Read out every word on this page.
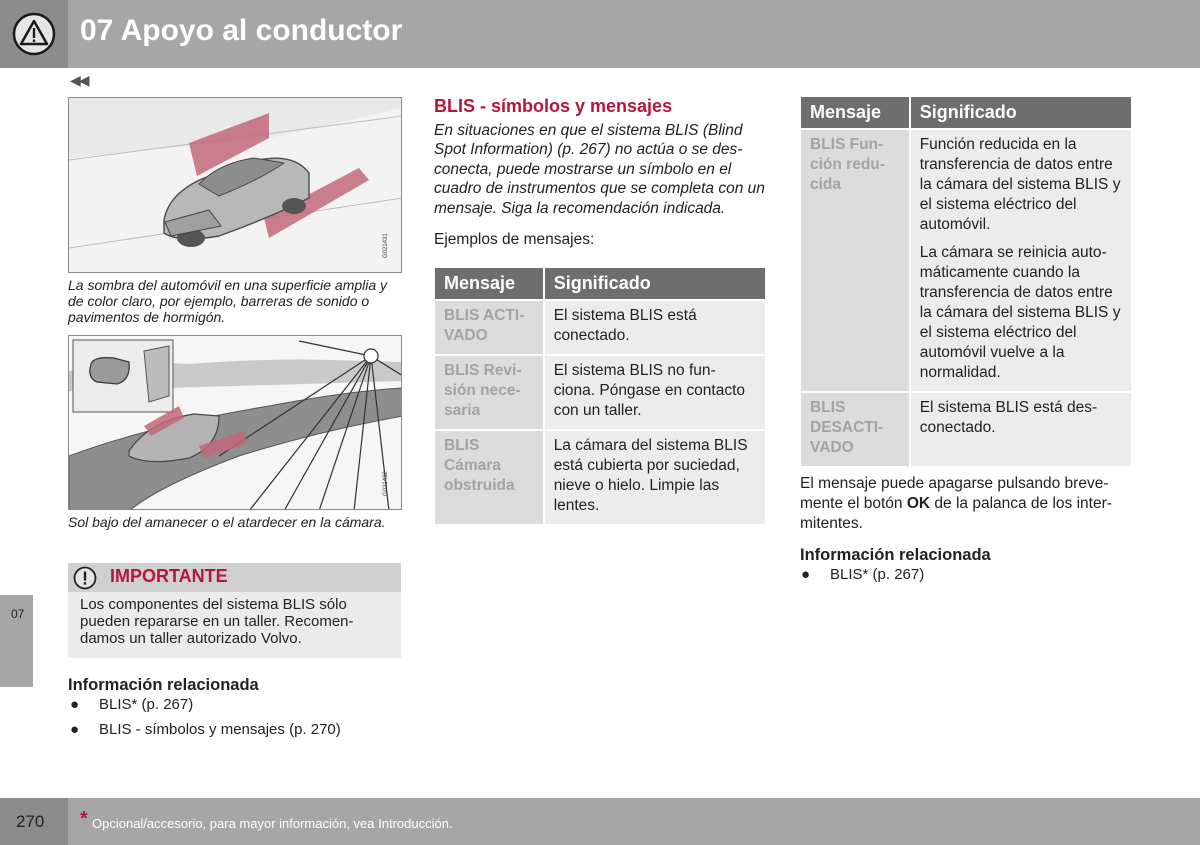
07 Apoyo al conductor
◀◀
G021431
La sombra del automóvil en una superficie amplia y de color claro, por ejemplo, barreras de sonido o pavimentos de hormigón.
G021432
Sol bajo del amanecer o el atardecer en la cámara.
IMPORTANTE
Los componentes del sistema BLIS sólo pueden repararse en un taller. Recomen-damos un taller autorizado Volvo.
07
Información relacionada
● BLIS* (p. 267)
● BLIS - símbolos y mensajes (p. 270)
BLIS - símbolos y mensajes
En situaciones en que el sistema BLIS (Blind Spot Information) (p. 267) no actúa o se des-conecta, puede mostrarse un símbolo en el cuadro de instrumentos que se completa con un mensaje. Siga la recomendación indicada.
Ejemplos de mensajes:
Mensaje	Significado
BLIS ACTI-VADO	El sistema BLIS está conectado.
BLIS Revi-sión nece-saria	El sistema BLIS no fun-ciona. Póngase en contacto con un taller.
BLIS Cámara obstruida	La cámara del sistema BLIS está cubierta por suciedad, nieve o hielo. Limpie las lentes.
Mensaje	Significado
BLIS Fun-ción redu-cida	Función reducida en la transferencia de datos entre la cámara del sistema BLIS y el sistema eléctrico del automóvil.
La cámara se reinicia auto-máticamente cuando la transferencia de datos entre la cámara del sistema BLIS y el sistema eléctrico del automóvil vuelve a la normalidad.

BLIS DESACTI-VADO	El sistema BLIS está des-conectado.
El mensaje puede apagarse pulsando breve-mente el botón OK de la palanca de los inter-mitentes.
Información relacionada
● BLIS* (p. 267)
270 * Opcional/accesorio, para mayor información, vea Introducción.
